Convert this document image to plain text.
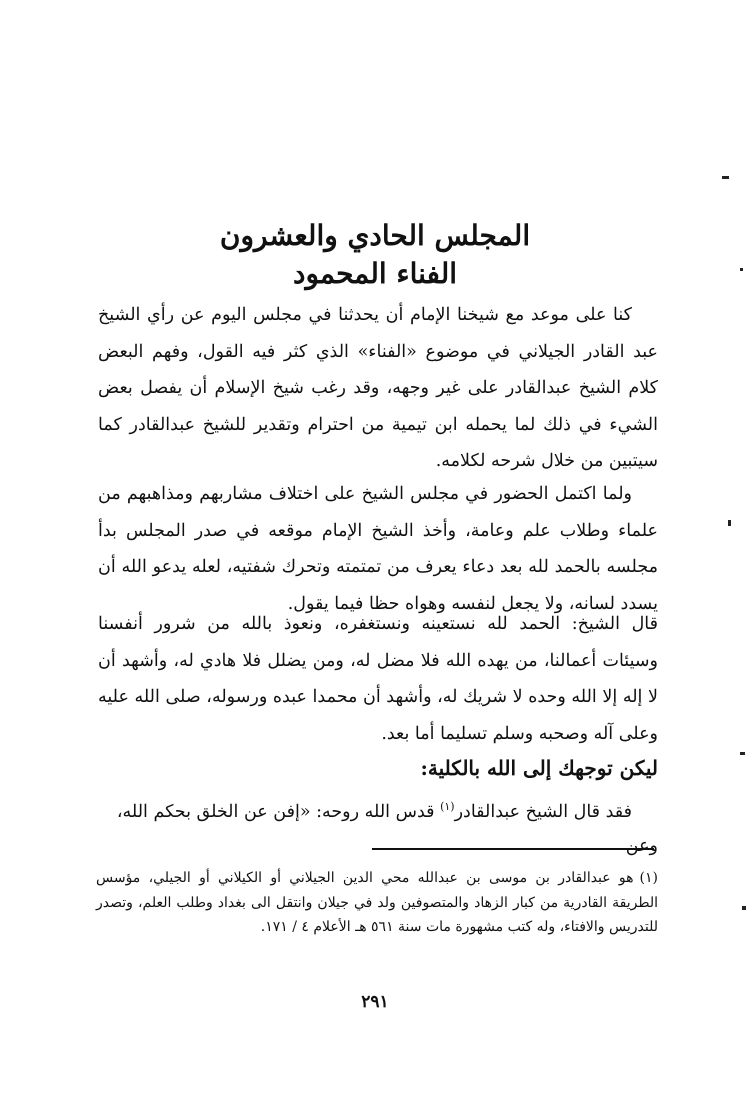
المجلس الحادي والعشرون
الفناء المحمود

كنا على موعد مع شيخنا الإمام أن يحدثنا في مجلس اليوم عن رأي الشيخ عبد القادر الجيلاني في موضوع «الفناء» الذي كثر فيه القول، وفهم البعض كلام الشيخ عبدالقادر على غير وجهه، وقد رغب شيخ الإسلام أن يفصل بعض الشيء في ذلك لما يحمله ابن تيمية من احترام وتقدير للشيخ عبدالقادر كما سيتبين من خلال شرحه لكلامه.

ولما اكتمل الحضور في مجلس الشيخ على اختلاف مشاربهم ومذاهبهم من علماء وطلاب علم وعامة، وأخذ الشيخ الإمام موقعه في صدر المجلس بدأ مجلسه بالحمد لله بعد دعاء يعرف من تمتمته وتحرك شفتيه، لعله يدعو الله أن يسدد لسانه، ولا يجعل لنفسه وهواه حظا فيما يقول.

قال الشيخ: الحمد لله نستعينه ونستغفره، ونعوذ بالله من شرور أنفسنا وسيئات أعمالنا، من يهده الله فلا مضل له، ومن يضلل فلا هادي له، وأشهد أن لا إله إلا الله وحده لا شريك له، وأشهد أن محمدا عبده ورسوله، صلى الله عليه وعلى آله وصحبه وسلم تسليما أما بعد.

ليكن توجهك إلى الله بالكلية:
فقد قال الشيخ عبدالقادر$^{(١)}$ قدس الله روحه: «إفن عن الخلق بحكم الله، وعن
(١)هو عبدالقادر بن موسى بن عبدالله محي الدين الجيلاني أو الكيلاني أو الجيلي، مؤسس الطريقة القادرية من كبار الزهاد والمتصوفين ولد في جيلان وانتقل الى بغداد وطلب العلم، وتصدر للتدريس والافتاء، وله كتب مشهورة مات سنة ٥٦١ هـ الأعلام ٤ / ١٧١.
٢٩١
